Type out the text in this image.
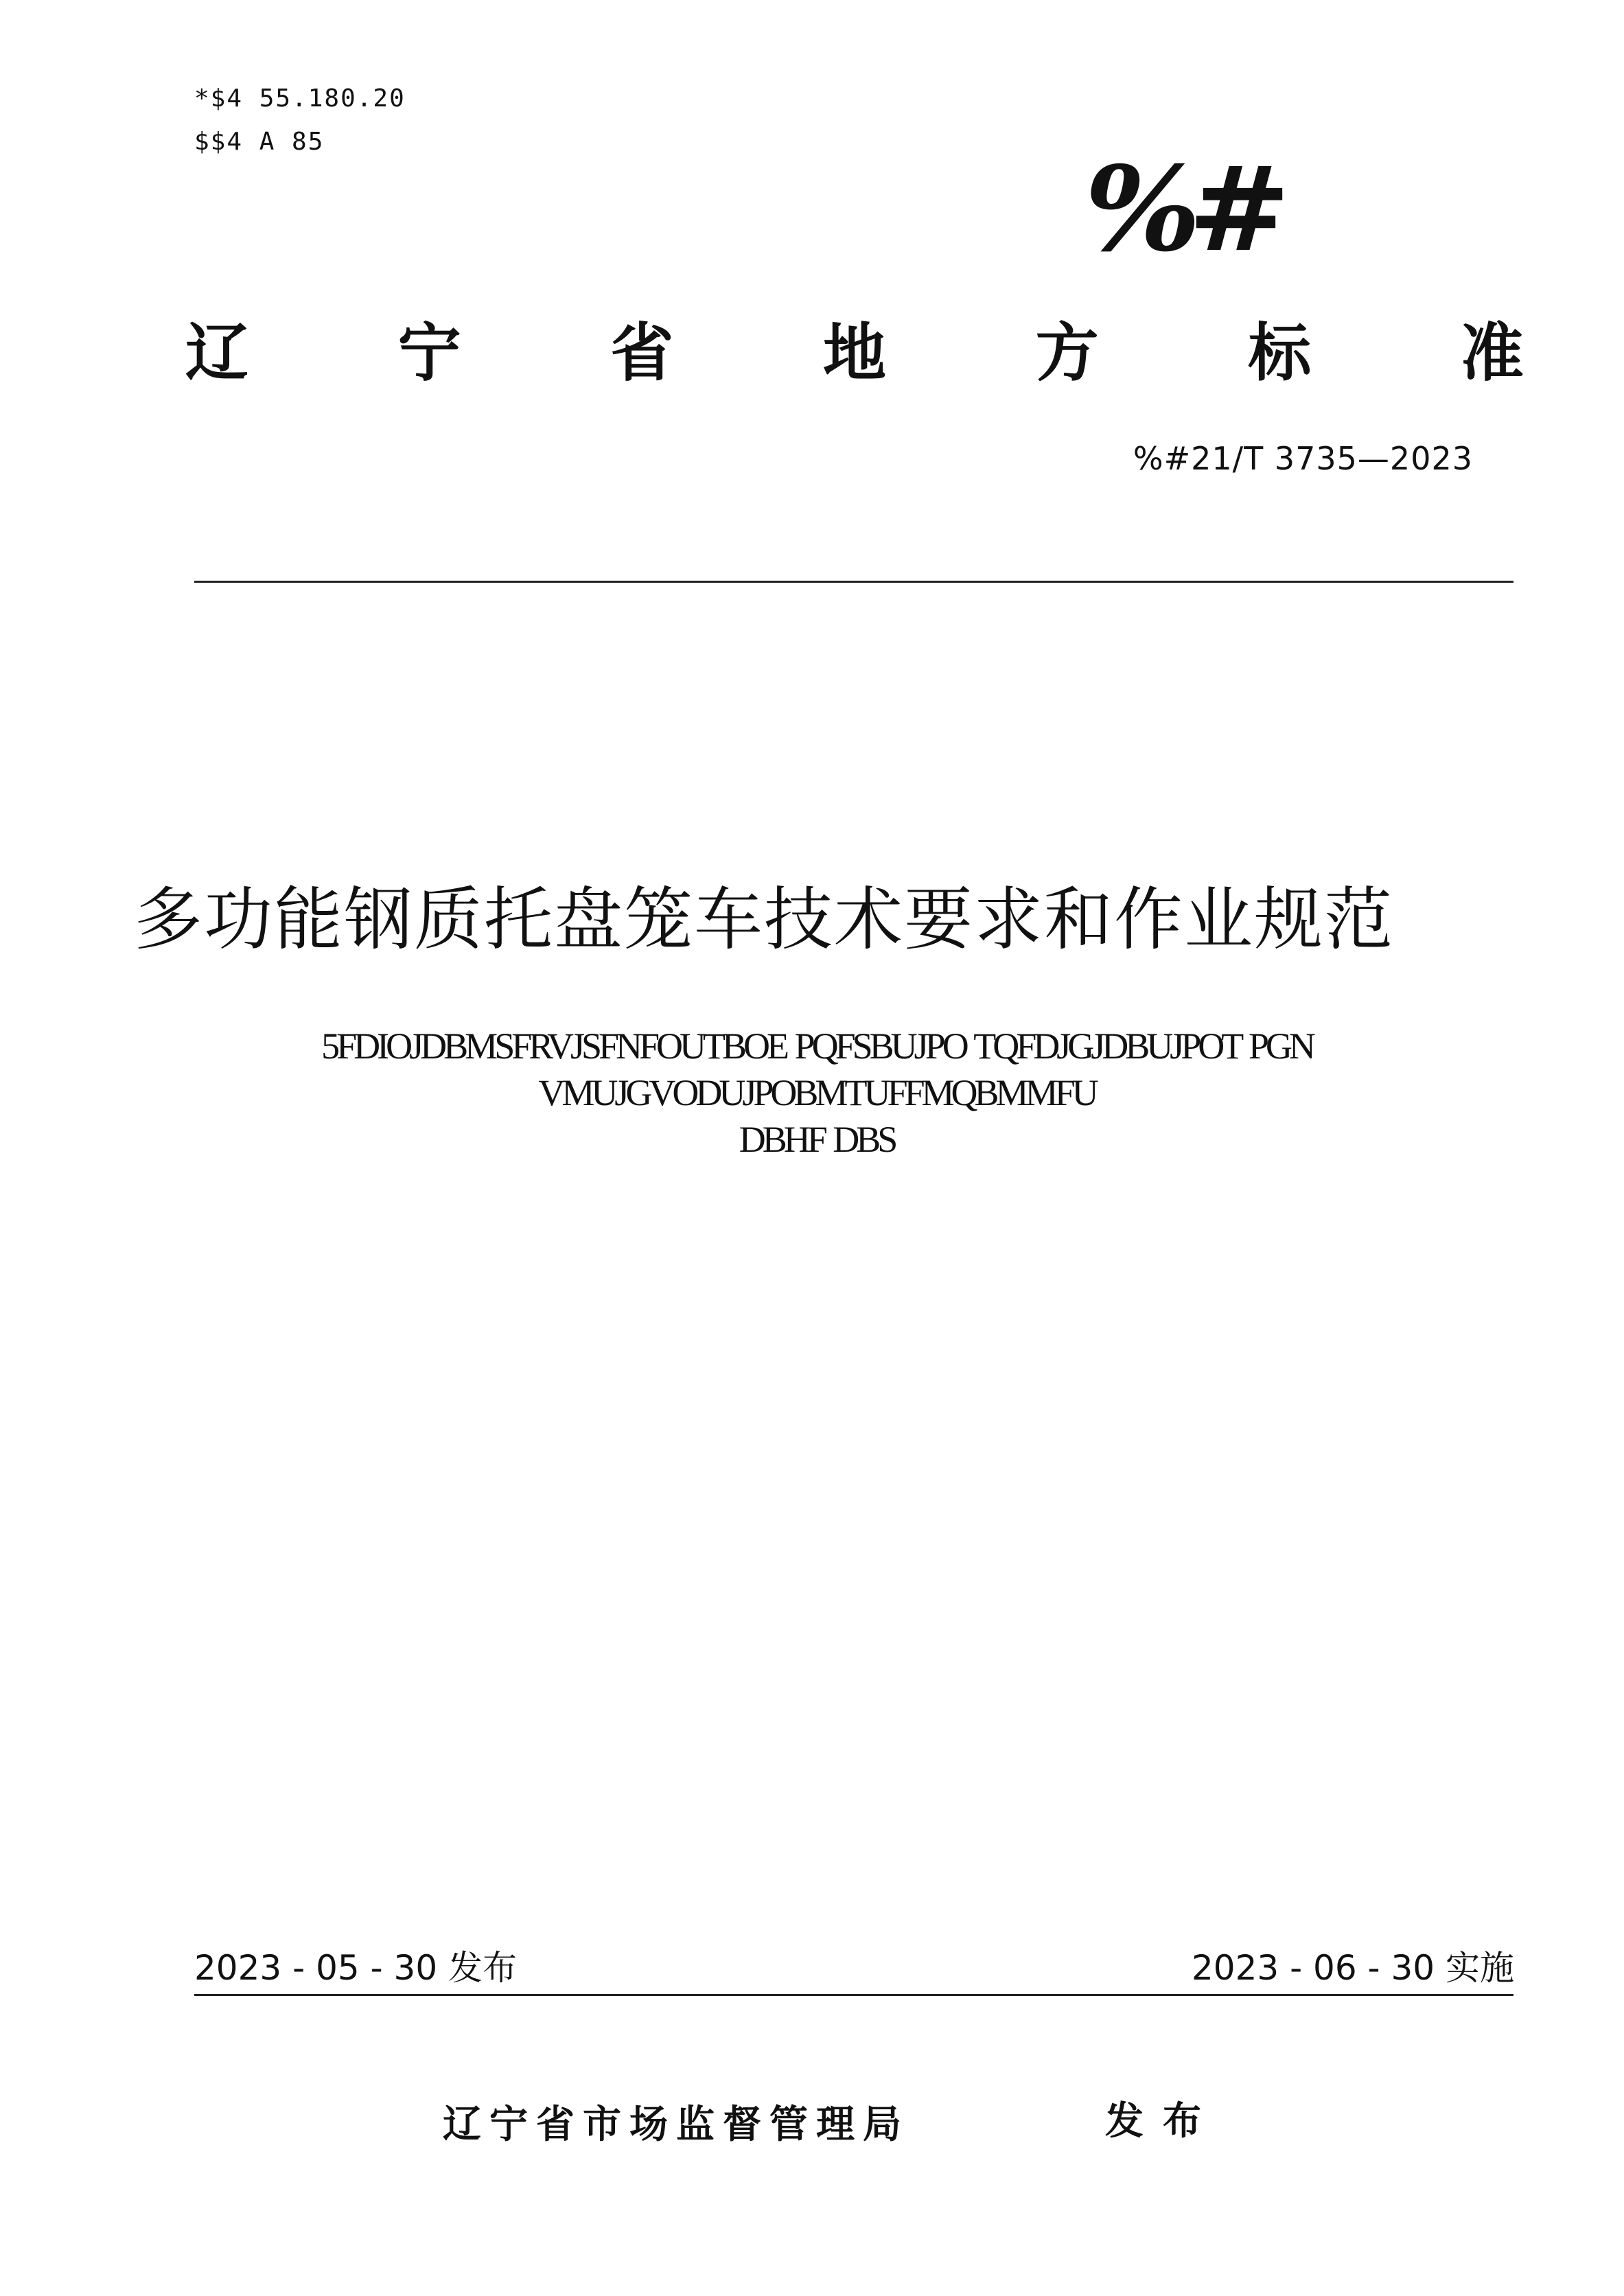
*$4 55.180.20
$$4 A 85	%#
辽 宁 省 地 方 标 准
%#21/T 3735—2023
多功能钢质托盘笼车技术要求和作业规范
5FDIOJDBMSFRVJSFNFOUTBOE PQFSBUJPO TQFDJGJDBUJPOT PGN VMUJGVODUJPOBMTUFFMQBMMFU
DBHF DBS
2023 - 05 - 30 发布	2023 - 06 - 30 实施
辽宁省市场监督管理局	发布
